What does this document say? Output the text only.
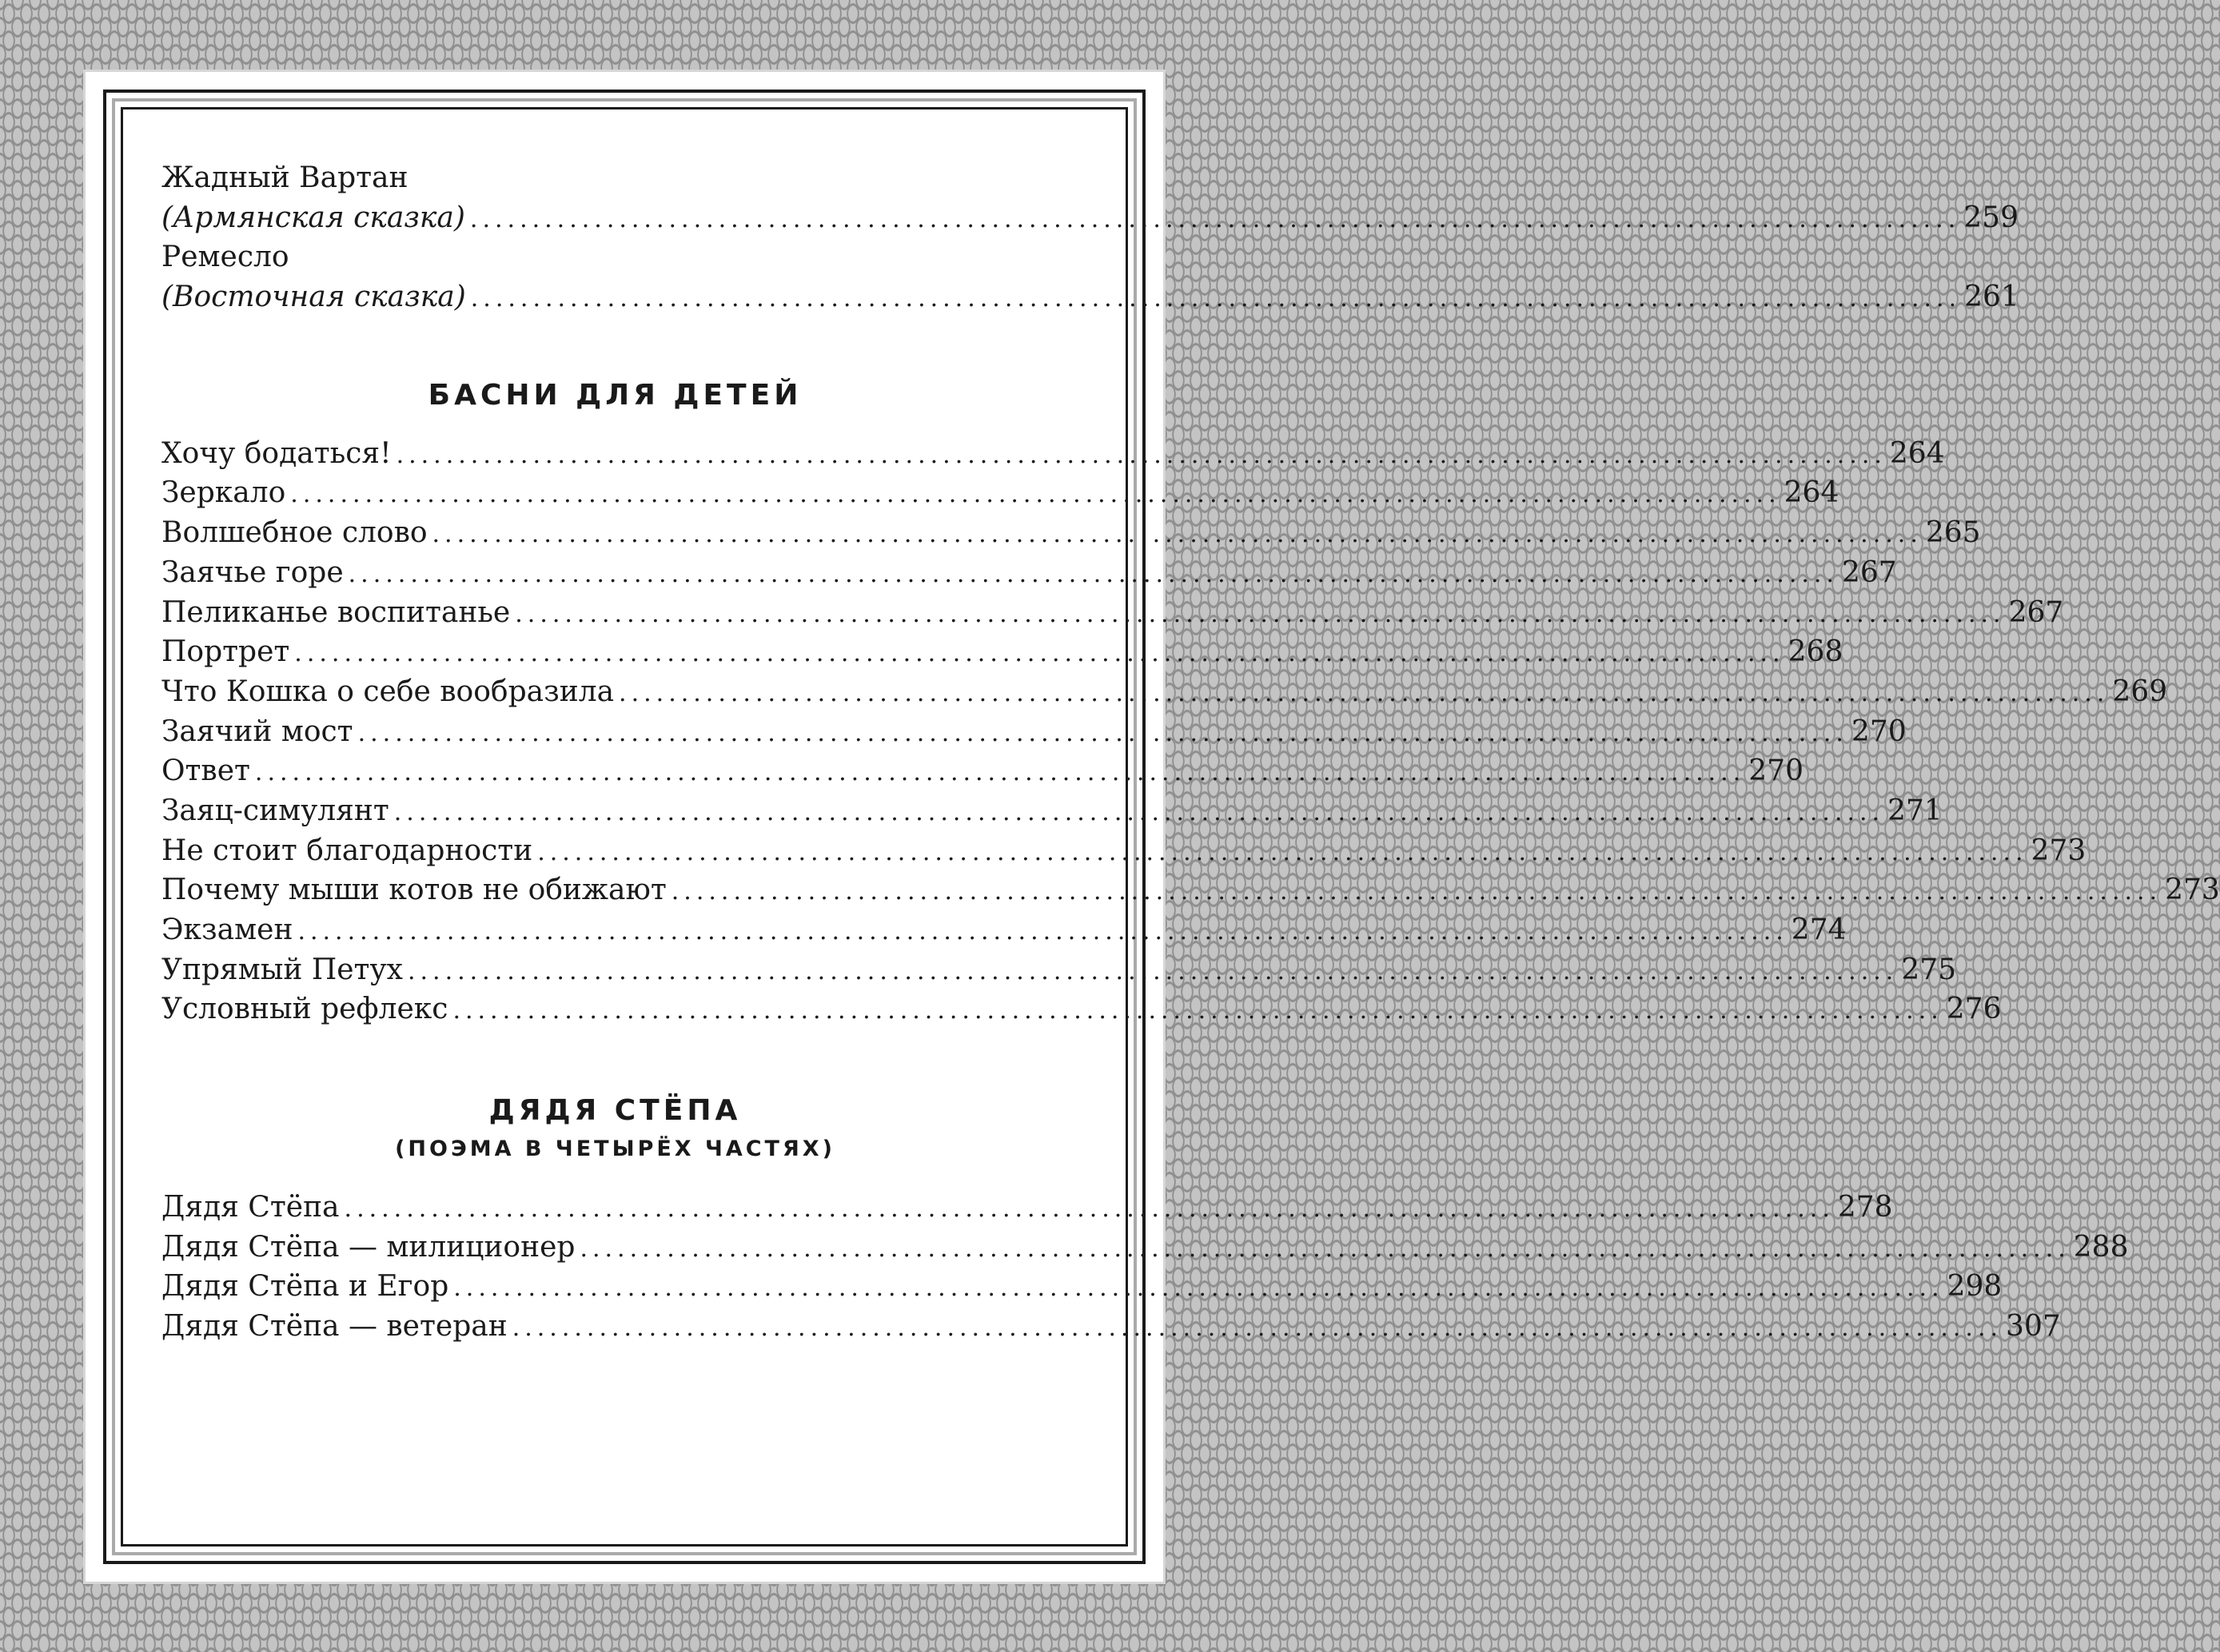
Жадный Вартан
(Армянская сказка) ........................................................................................................................ 259
Ремесло
(Восточная сказка) ........................................................................................................................ 261
БАСНИ ДЛЯ ДЕТЕЙ
Хочу бодаться! ........................................................................................................................ 264
Зеркало ........................................................................................................................ 264
Волшебное слово ........................................................................................................................ 265
Заячье горе ........................................................................................................................ 267
Пеликанье воспитанье ........................................................................................................................ 267
Портрет ........................................................................................................................ 268
Что Кошка о себе вообразила ........................................................................................................................ 269
Заячий мост ........................................................................................................................ 270
Ответ ........................................................................................................................ 270
Заяц-симулянт ........................................................................................................................ 271
Не стоит благодарности ........................................................................................................................ 273
Почему мыши котов не обижают ........................................................................................................................ 273
Экзамен ........................................................................................................................ 274
Упрямый Петух ........................................................................................................................ 275
Условный рефлекс ........................................................................................................................ 276
ДЯДЯ СТЁПА
(ПОЭМА В ЧЕТЫРЁХ ЧАСТЯХ)
Дядя Стёпа ........................................................................................................................ 278
Дядя Стёпа — милиционер ........................................................................................................................ 288
Дядя Стёпа и Егор ........................................................................................................................ 298
Дядя Стёпа — ветеран ........................................................................................................................ 307
